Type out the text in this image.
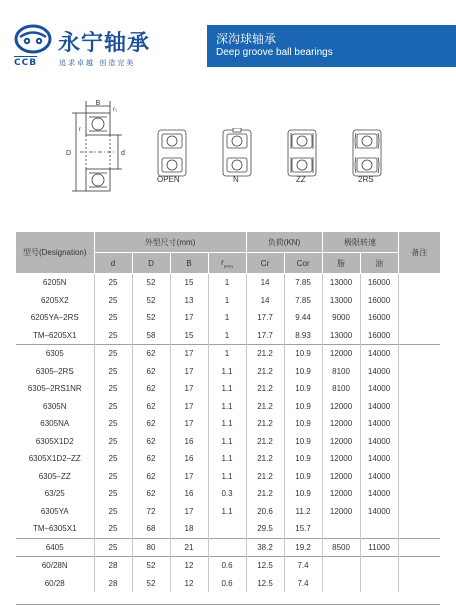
永宁轴承
CCB	追求卓越 创造完美
深沟球轴承
Deep groove ball bearings
B
r₁
r
D	d
OPEN	N	ZZ	2RS
型号(Designation)	外型尺寸(mm)				负荷(KN)		极限转速		备注
	d	D	B	$r_{(min)}$	Cr	Cor	脂	油	
6205N	25	52	15	1	14	7.85	13000	16000	
6205X2	25	52	13	1	14	7.85	13000	16000	
6205YA–2RS	25	52	17	1	17.7	9.44	9000	16000	
TM–6205X1	25	58	15	1	17.7	8.93	13000	16000	
6305	25	62	17	1	21.2	10.9	12000	14000	
6305–2RS	25	62	17	1.1	21.2	10.9	8100	14000	
6305–2RS1NR	25	62	17	1.1	21.2	10.9	8100	14000	
6305N	25	62	17	1.1	21.2	10.9	12000	14000	
6305NA	25	62	17	1.1	21.2	10.9	12000	14000	
6305X1D2	25	62	16	1.1	21.2	10.9	12000	14000	
6305X1D2–ZZ	25	62	16	1.1	21.2	10.9	12000	14000	
6305–ZZ	25	62	17	1.1	21.2	10.9	12000	14000	
63/25	25	62	16	0.3	21.2	10.9	12000	14000	
6305YA	25	72	17	1.1	20.6	11.2	12000	14000	
TM–6305X1	25	68	18		29.5	15.7			
6405	25	80	21		38.2	19.2	8500	11000	
60/28N	28	52	12	0.6	12.5	7.4			
60/28	28	52	12	0.6	12.5	7.4			
